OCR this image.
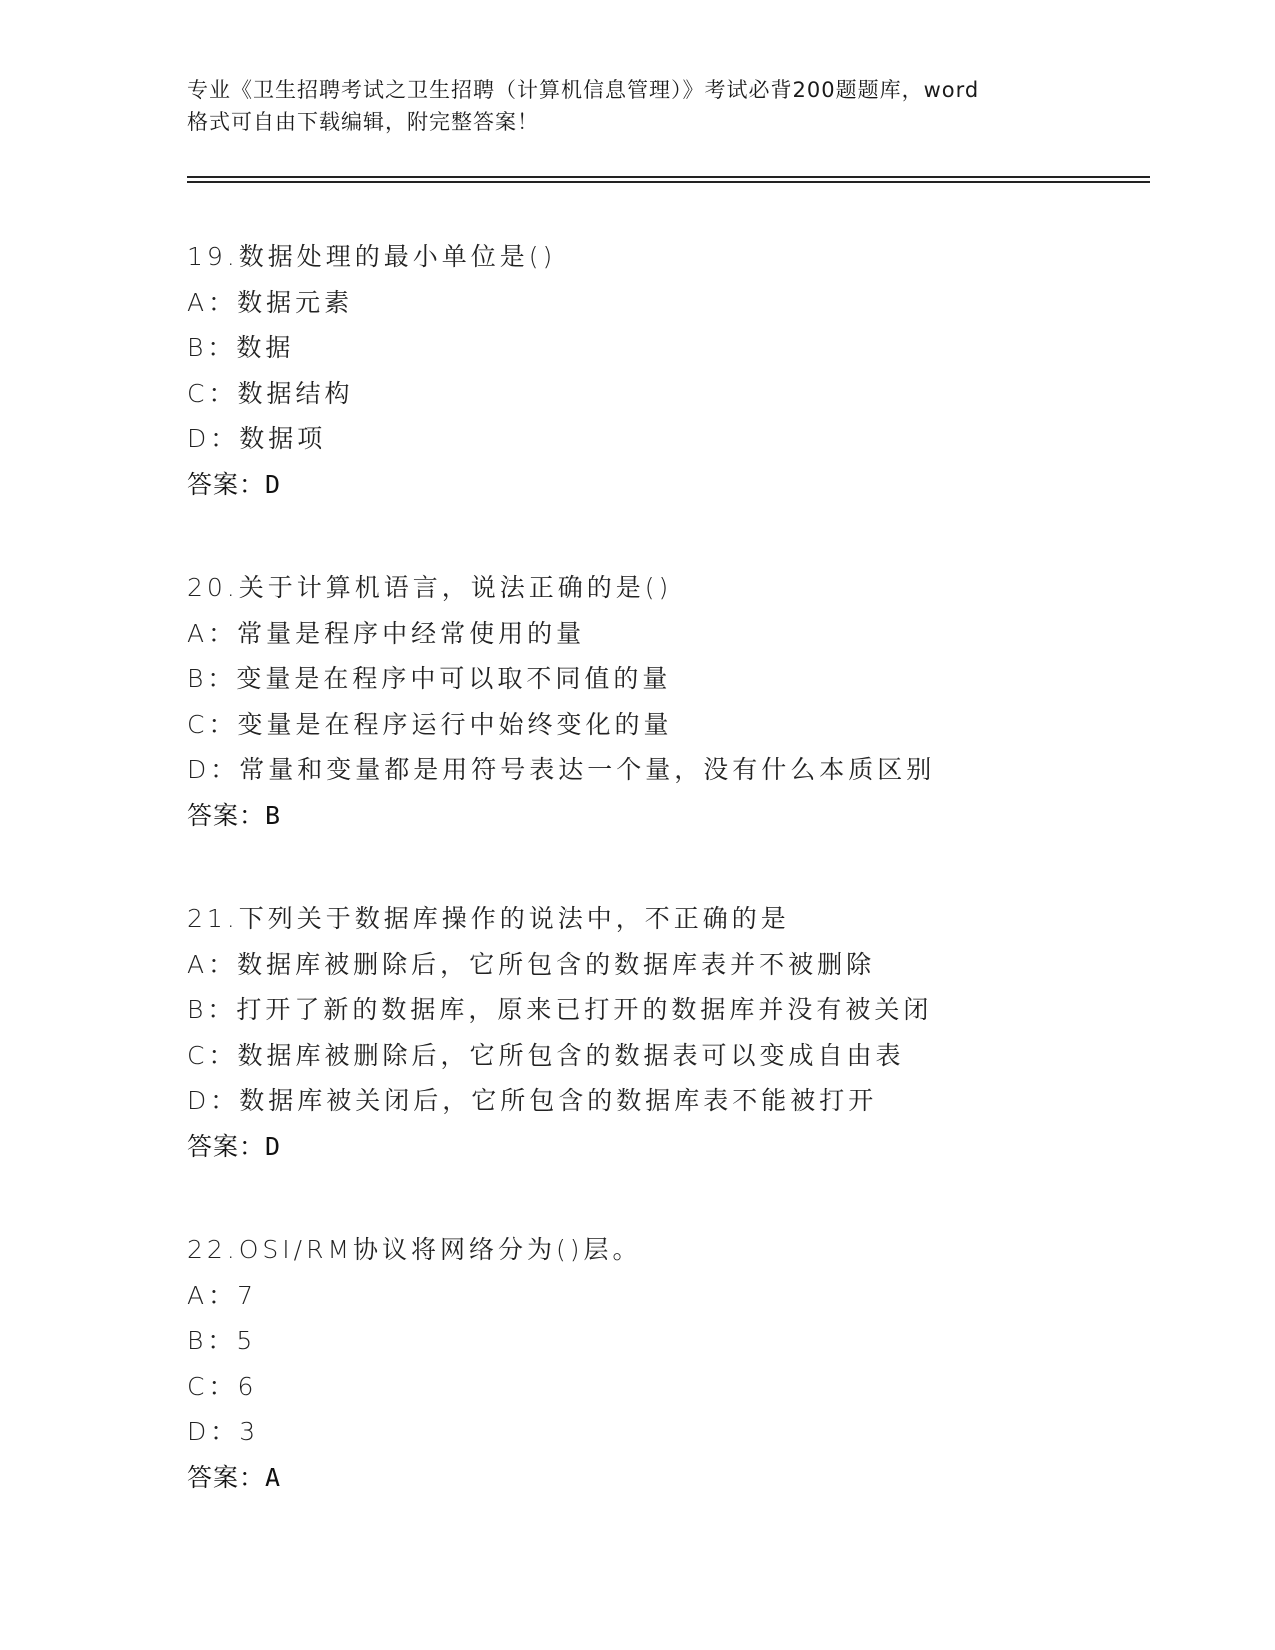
专业《卫生招聘考试之卫生招聘（计算机信息管理）》考试必背200题题库，word
格式可自由下载编辑，附完整答案！
19.数据处理的最小单位是()
A：数据元素
B：数据
C：数据结构
D：数据项
答案：D
20.关于计算机语言，说法正确的是()
A：常量是程序中经常使用的量
B：变量是在程序中可以取不同值的量
C：变量是在程序运行中始终变化的量
D：常量和变量都是用符号表达一个量，没有什么本质区别
答案：B
21.下列关于数据库操作的说法中，不正确的是
A：数据库被删除后，它所包含的数据库表并不被删除
B：打开了新的数据库，原来已打开的数据库并没有被关闭
C：数据库被删除后，它所包含的数据表可以变成自由表
D：数据库被关闭后，它所包含的数据库表不能被打开
答案：D
22.OSI/RM协议将网络分为()层。
A：7
B：5
C：6
D：3
答案：A
